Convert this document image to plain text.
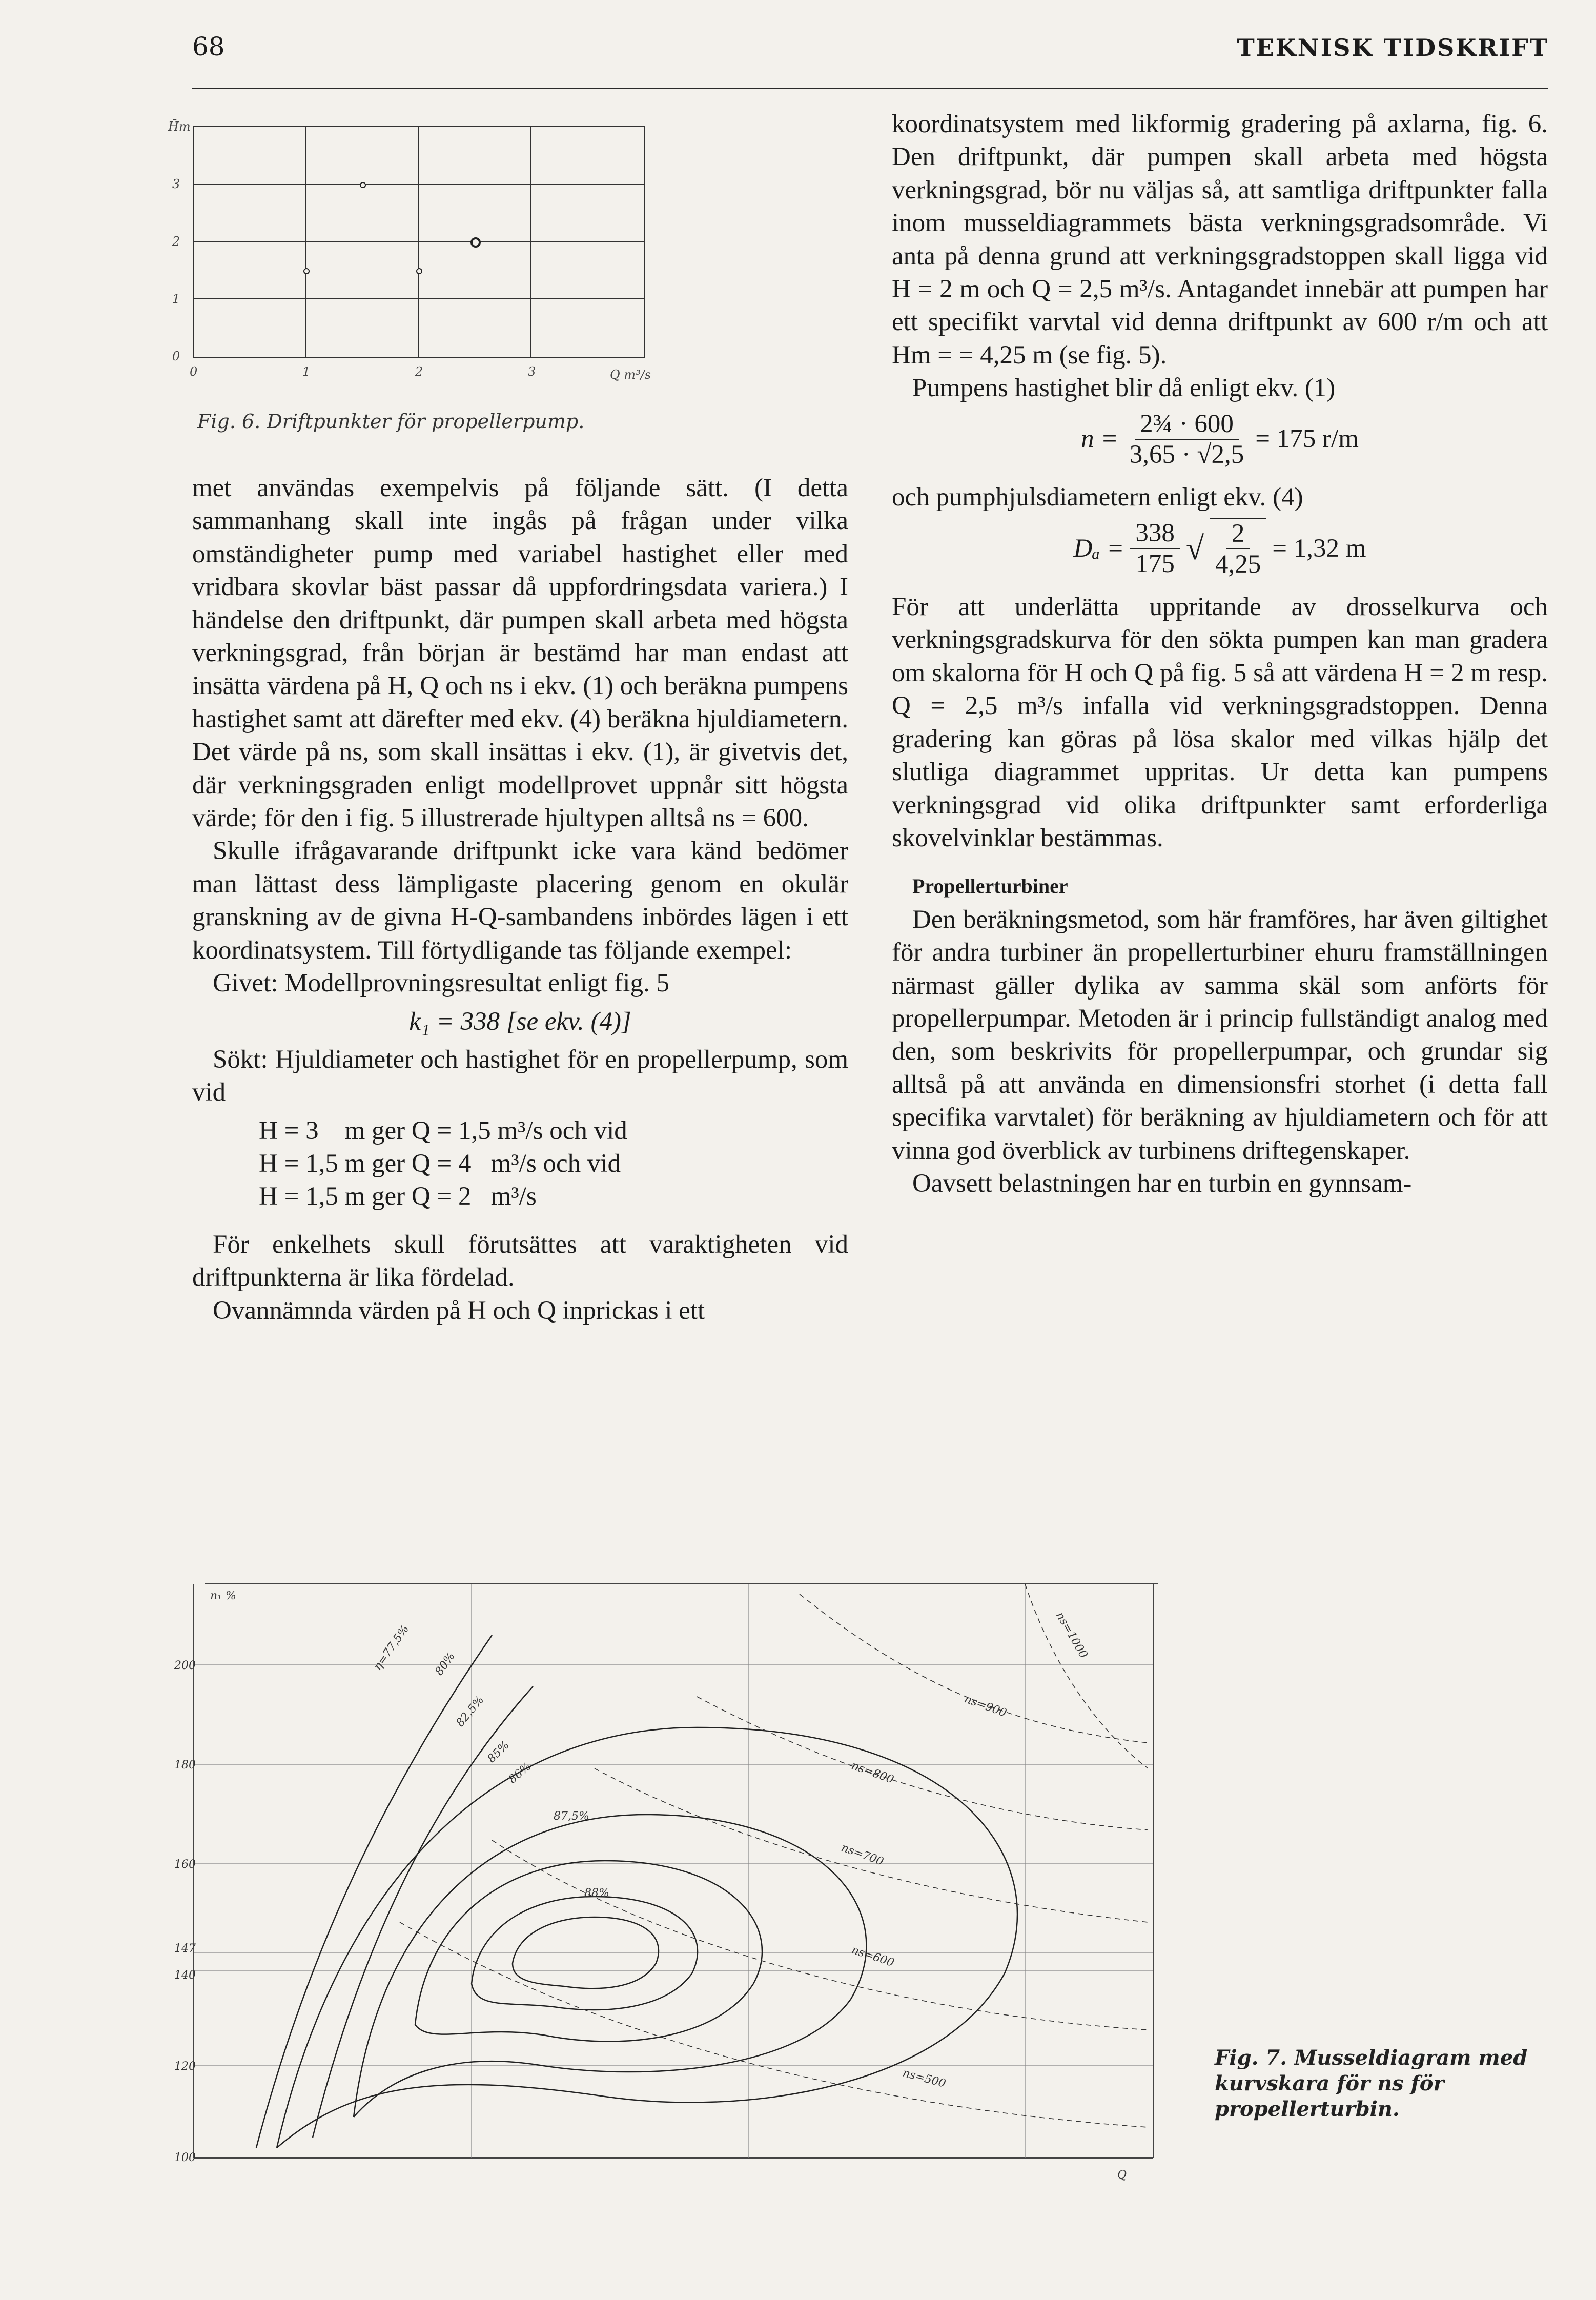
68	TEKNISK TIDSKRIFT
H̄m
3
2
1
0
0	1	2	3	Q m³/s
Fig. 6. Driftpunkter för propellerpump.

met användas exempelvis på följande sätt. (I detta sammanhang skall inte ingås på frågan under vilka omständigheter pump med variabel hastighet eller med vridbara skovlar bäst passar då uppfordringsdata variera.) I händelse den driftpunkt, där pumpen skall arbeta med högsta verkningsgrad, från början är bestämd har man endast att insätta värdena på H, Q och ns i ekv. (1) och beräkna pumpens hastighet samt att därefter med ekv. (4) beräkna hjuldiametern. Det värde på ns, som skall insättas i ekv. (1), är givetvis det, där verkningsgraden enligt modellprovet uppnår sitt högsta värde; för den i fig. 5 illustrerade hjultypen alltså ns = 600.

Skulle ifrågavarande driftpunkt icke vara känd bedömer man lättast dess lämpligaste placering genom en okulär granskning av de givna H-Q-sambandens inbördes lägen i ett koordinatsystem. Till förtydligande tas följande exempel:

Givet: Modellprovningsresultat enligt fig. 5

k₁ = 338 [se ekv. (4)]

Sökt: Hjuldiameter och hastighet för en propellerpump, som vid

H = 3    m ger Q = 1,5 m³/s och vid
H = 1,5 m ger Q = 4   m³/s och vid
H = 1,5 m ger Q = 2   m³/s

För enkelhets skull förutsättes att varaktigheten vid driftpunkterna är lika fördelad.

Ovannämnda värden på H och Q inprickas i ett

koordinatsystem med likformig gradering på axlarna, fig. 6. Den driftpunkt, där pumpen skall arbeta med högsta verkningsgrad, bör nu väljas så, att samtliga driftpunkter falla inom musseldiagrammets bästa verkningsgradsområde. Vi anta på denna grund att verkningsgradstoppen skall ligga vid H = 2 m och Q = 2,5 m³/s. Antagandet innebär att pumpen har ett specifikt varvtal vid denna driftpunkt av 600 r/m och att Hm = = 4,25 m (se fig. 5).

Pumpens hastighet blir då enligt ekv. (1)

$n = \frac{\text{2¾ · 600}}{3,65 \cdot √2,5} = 175$ r/m

och pumphjulsdiametern enligt ekv. (4)

$D_a = \frac{338}{175}$ √ $\frac{2}{4,25} = 1,32$ m

För att underlätta uppritande av drosselkurva och verkningsgradskurva för den sökta pumpen kan man gradera om skalorna för H och Q på fig. 5 så att värdena H = 2 m resp. Q = 2,5 m³/s infalla vid verkningsgradstoppen. Denna gradering kan göras på lösa skalor med vilkas hjälp det slutliga diagrammet uppritas. Ur detta kan pumpens verkningsgrad vid olika driftpunkter samt erforderliga skovelvinklar bestämmas.

Propellerturbiner

Den beräkningsmetod, som här framföres, har även giltighet för andra turbiner än propellerturbiner ehuru framställningen närmast gäller dylika av samma skäl som anförts för propellerpumpar. Metoden är i princip fullständigt analog med den, som beskrivits för propellerpumpar, och grundar sig alltså på att använda en dimensionsfri storhet (i detta fall specifika varvtalet) för beräkning av hjuldiametern och för att vinna god överblick av turbinens driftegenskaper.

Oavsett belastningen har en turbin en gynnsam-

n₁ %
200
180
160
147
140
120
100
Q
η=77,5% 80%
82,5%
85%
86%
87,5%
88%
ns=900
ns=800
ns=700
ns=600
ns=500
ns=1000
Fig. 7. Musseldiagram med kurvskara för ns för propellerturbin.
